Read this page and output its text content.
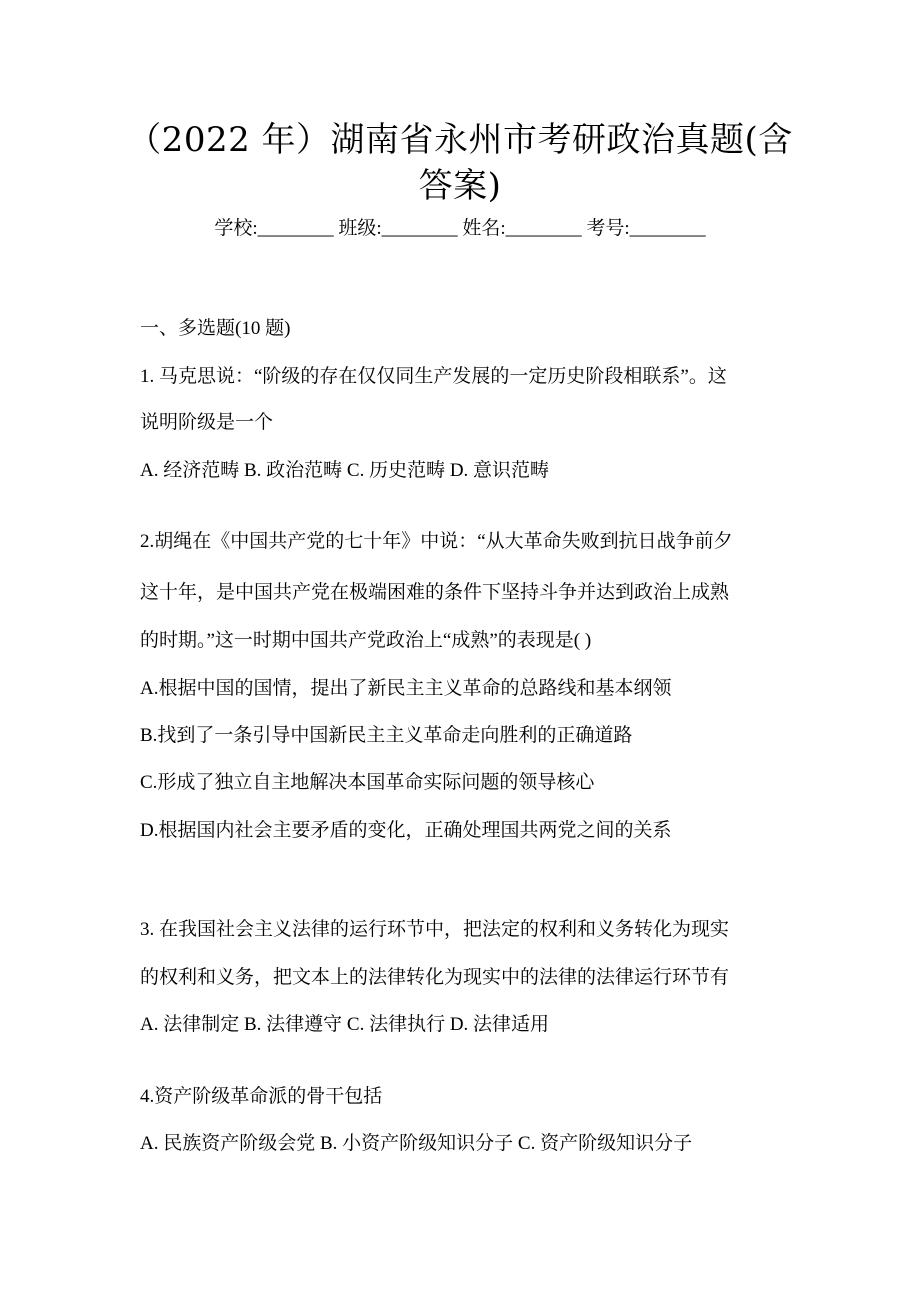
（2022 年）湖南省永州市考研政治真题(含
答案)
学校:________ 班级:________ 姓名:________ 考号:________
一、多选题(10 题)
1. 马克思说：“阶级的存在仅仅同生产发展的一定历史阶段相联系”。这
说明阶级是一个
A. 经济范畴 B. 政治范畴 C. 历史范畴 D. 意识范畴
2.胡绳在《中国共产党的七十年》中说：“从大革命失败到抗日战争前夕
这十年，是中国共产党在极端困难的条件下坚持斗争并达到政治上成熟
的时期。”这一时期中国共产党政治上“成熟”的表现是( )
A.根据中国的国情，提出了新民主主义革命的总路线和基本纲领
B.找到了一条引导中国新民主主义革命走向胜利的正确道路
C.形成了独立自主地解决本国革命实际问题的领导核心
D.根据国内社会主要矛盾的变化，正确处理国共两党之间的关系
3. 在我国社会主义法律的运行环节中，把法定的权利和义务转化为现实
的权利和义务，把文本上的法律转化为现实中的法律的法律运行环节有
A. 法律制定 B. 法律遵守 C. 法律执行 D. 法律适用
4.资产阶级革命派的骨干包括
A. 民族资产阶级会党 B. 小资产阶级知识分子 C. 资产阶级知识分子
